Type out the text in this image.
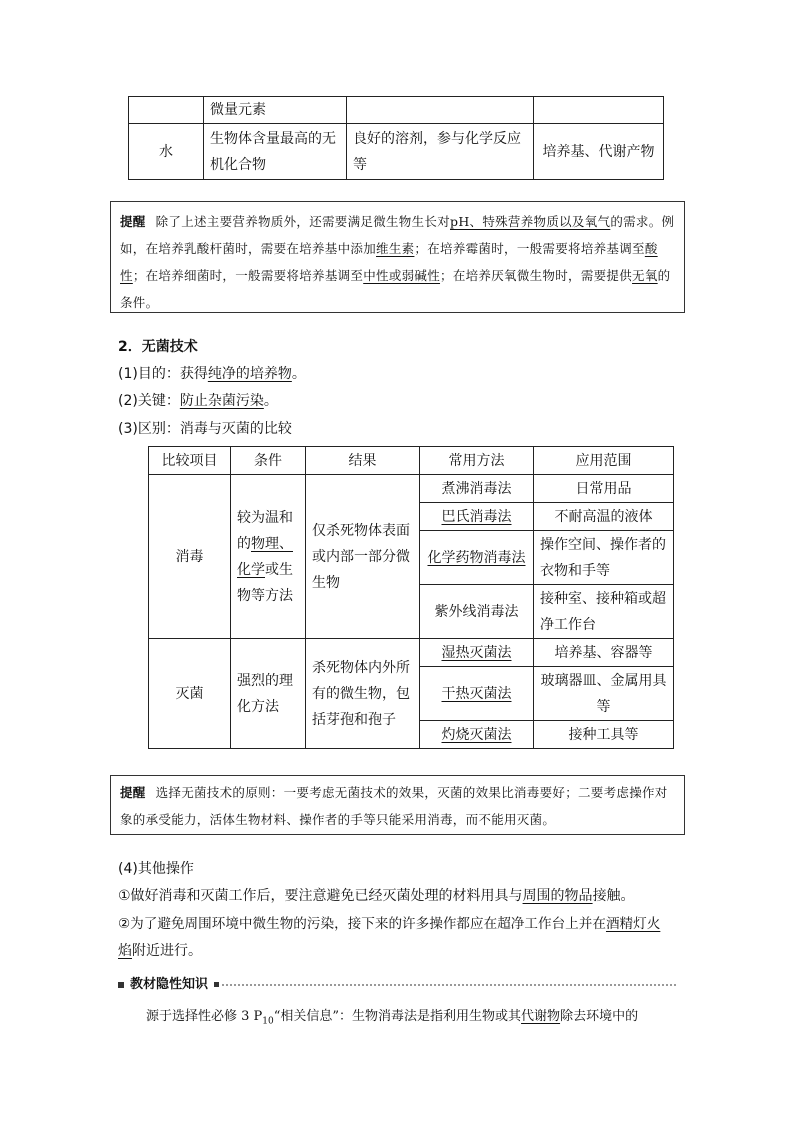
	微量元素		
水	生物体含量最高的无机化合物	良好的溶剂，参与化学反应等	培养基、代谢产物
提醒 除了上述主要营养物质外，还需要满足微生物生长对pH、特殊营养物质以及氧气的需求。例如，在培养乳酸杆菌时，需要在培养基中添加维生素；在培养霉菌时，一般需要将培养基调至酸性；在培养细菌时，一般需要将培养基调至中性或弱碱性；在培养厌氧微生物时，需要提供无氧的条件。
2．无菌技术
(1)目的：获得纯净的培养物。
(2)关键：防止杂菌污染。
(3)区别：消毒与灭菌的比较
比较项目	条件	结果	常用方法	应用范围
消毒	较为温和的物理、化学或生物等方法	仅杀死物体表面或内部一部分微生物	煮沸消毒法	日常用品
			巴氏消毒法	不耐高温的液体
			化学药物消毒法	操作空间、操作者的衣物和手等
			紫外线消毒法	接种室、接种箱或超净工作台
灭菌	强烈的理化方法	杀死物体内外所有的微生物，包括芽孢和孢子	湿热灭菌法	培养基、容器等
			干热灭菌法	玻璃器皿、金属用具等
			灼烧灭菌法	接种工具等
提醒 选择无菌技术的原则：一要考虑无菌技术的效果，灭菌的效果比消毒要好；二要考虑操作对象的承受能力，活体生物材料、操作者的手等只能采用消毒，而不能用灭菌。
(4)其他操作
①做好消毒和灭菌工作后，要注意避免已经灭菌处理的材料用具与周围的物品接触。
②为了避免周围环境中微生物的污染，接下来的许多操作都应在超净工作台上并在酒精灯火
焰附近进行。
教材隐性知识
源于选择性必修 3 $P_{10}“$相关信息”：生物消毒法是指利用生物或其代谢物除去环境中的
